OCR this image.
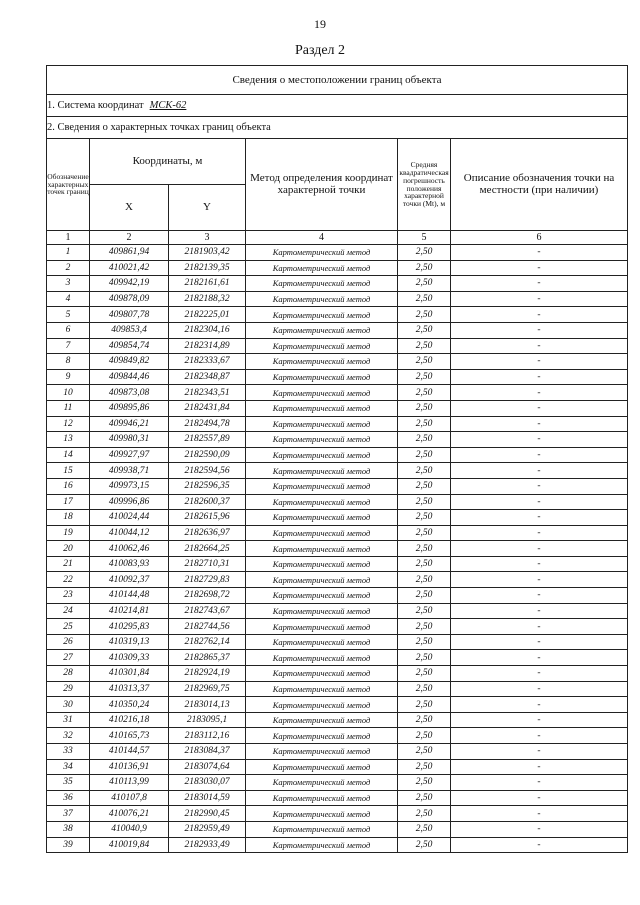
19
Раздел 2
Сведения о местоположении границ объекта					
1. Система координат МСК-62					
2. Сведения о характерных точках границ объекта					
Обозначение характерных точек границ	Координаты, м		Метод определения координат характерной точки	Средняя квадратическая погрешность положения характерной точки (Mt), м	Описание обозначения точки на местности (при наличии)
	X	Y			
1	2	3	4	5	6
1	409861,94	2181903,42	Картометрический метод	2,50	-
2	410021,42	2182139,35	Картометрический метод	2,50	-
3	409942,19	2182161,61	Картометрический метод	2,50	-
4	409878,09	2182188,32	Картометрический метод	2,50	-
5	409807,78	2182225,01	Картометрический метод	2,50	-
6	409853,4	2182304,16	Картометрический метод	2,50	-
7	409854,74	2182314,89	Картометрический метод	2,50	-
8	409849,82	2182333,67	Картометрический метод	2,50	-
9	409844,46	2182348,87	Картометрический метод	2,50	-
10	409873,08	2182343,51	Картометрический метод	2,50	-
11	409895,86	2182431,84	Картометрический метод	2,50	-
12	409946,21	2182494,78	Картометрический метод	2,50	-
13	409980,31	2182557,89	Картометрический метод	2,50	-
14	409927,97	2182590,09	Картометрический метод	2,50	-
15	409938,71	2182594,56	Картометрический метод	2,50	-
16	409973,15	2182596,35	Картометрический метод	2,50	-
17	409996,86	2182600,37	Картометрический метод	2,50	-
18	410024,44	2182615,96	Картометрический метод	2,50	-
19	410044,12	2182636,97	Картометрический метод	2,50	-
20	410062,46	2182664,25	Картометрический метод	2,50	-
21	410083,93	2182710,31	Картометрический метод	2,50	-
22	410092,37	2182729,83	Картометрический метод	2,50	-
23	410144,48	2182698,72	Картометрический метод	2,50	-
24	410214,81	2182743,67	Картометрический метод	2,50	-
25	410295,83	2182744,56	Картометрический метод	2,50	-
26	410319,13	2182762,14	Картометрический метод	2,50	-
27	410309,33	2182865,37	Картометрический метод	2,50	-
28	410301,84	2182924,19	Картометрический метод	2,50	-
29	410313,37	2182969,75	Картометрический метод	2,50	-
30	410350,24	2183014,13	Картометрический метод	2,50	-
31	410216,18	2183095,1	Картометрический метод	2,50	-
32	410165,73	2183112,16	Картометрический метод	2,50	-
33	410144,57	2183084,37	Картометрический метод	2,50	-
34	410136,91	2183074,64	Картометрический метод	2,50	-
35	410113,99	2183030,07	Картометрический метод	2,50	-
36	410107,8	2183014,59	Картометрический метод	2,50	-
37	410076,21	2182990,45	Картометрический метод	2,50	-
38	410040,9	2182959,49	Картометрический метод	2,50	-
39	410019,84	2182933,49	Картометрический метод	2,50	-
